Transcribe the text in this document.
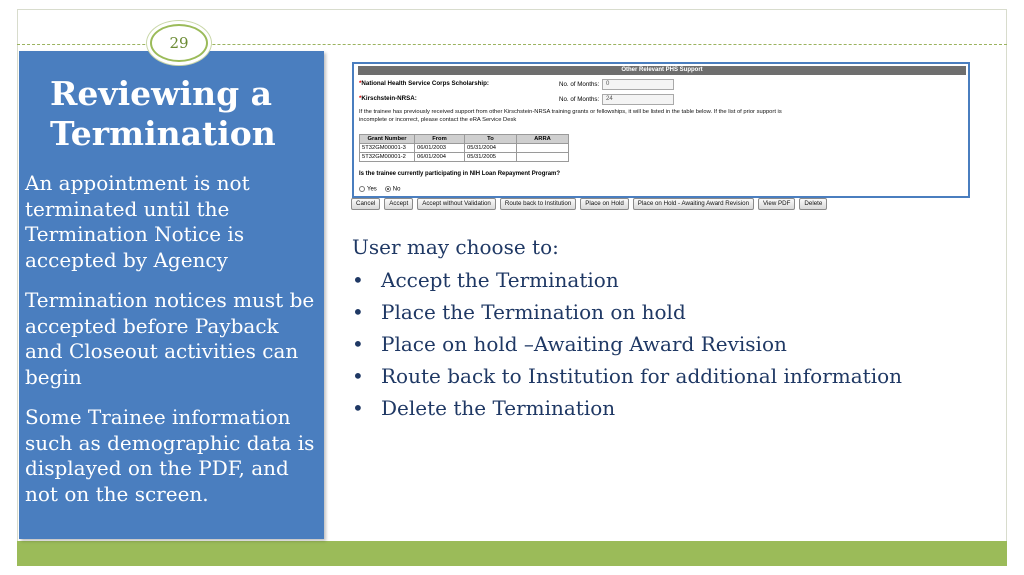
29
Reviewing a Termination
An appointment is not terminated until the Termination Notice is accepted by Agency
Termination notices must be accepted before Payback and Closeout activities can begin
Some Trainee information such as demographic data is displayed on the PDF, and not on the screen.
Other Relevant PHS Support
*National Health Service Corps Scholarship:	No. of Months:	0
*Kirschstein-NRSA:	No. of Months:	24
If the trainee has previously received support from other Kirschstein-NRSA training grants or fellowships, it will be listed in the table below. If the list of prior support is incomplete or incorrect, please contact the eRA Service Desk
Grant Number	From	To	ARRA
5T32GM00001-3	06/01/2003	05/31/2004	
5T32GM00001-2	06/01/2004	05/31/2005	
Is the trainee currently participating in NIH Loan Repayment Program?
Yes	No
Cancel	Accept	Accept without Validation	Route back to Institution	Place on Hold	Place on Hold - Awaiting Award Revision	View PDF	Delete
User may choose to:
• Accept the Termination
• Place the Termination on hold
• Place on hold –Awaiting Award Revision
• Route back to Institution for additional information
• Delete the Termination
